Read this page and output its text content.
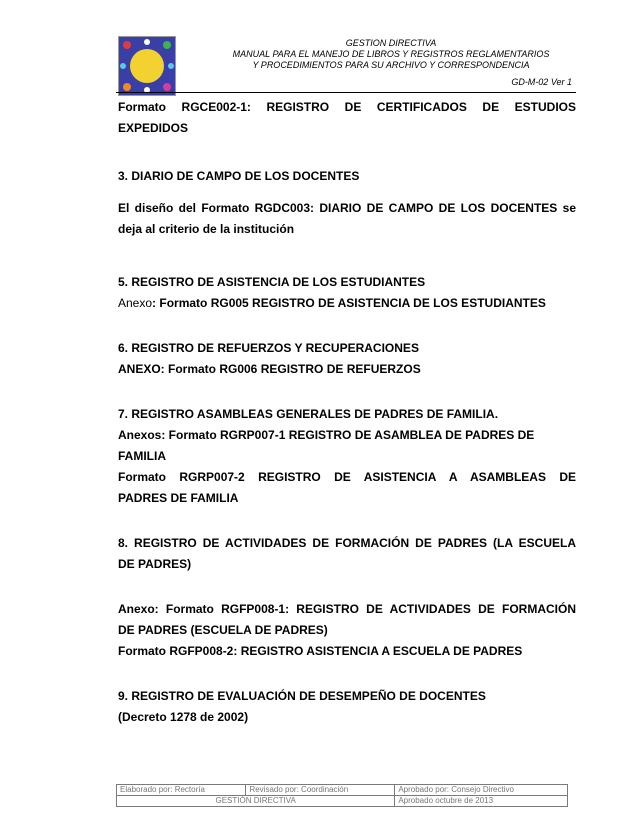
GESTION DIRECTIVA
MANUAL PARA EL MANEJO DE LIBROS Y REGISTROS REGLAMENTARIOS
Y PROCEDIMIENTOS PARA SU ARCHIVO Y CORRESPONDENCIA
GD-M-02 Ver 1

Formato RGCE002-1: REGISTRO DE CERTIFICADOS DE ESTUDIOS

EXPEDIDOS

3. DIARIO DE CAMPO DE LOS DOCENTES

El diseño del Formato RGDC003: DIARIO DE CAMPO DE LOS DOCENTES se

deja al criterio de la institución

5. REGISTRO DE ASISTENCIA DE LOS ESTUDIANTES

Anexo: Formato RG005 REGISTRO DE ASISTENCIA DE LOS ESTUDIANTES

6. REGISTRO DE REFUERZOS Y RECUPERACIONES

ANEXO: Formato RG006 REGISTRO DE REFUERZOS

7. REGISTRO ASAMBLEAS GENERALES DE PADRES DE FAMILIA.

Anexos: Formato RGRP007-1 REGISTRO DE ASAMBLEA DE PADRES DE

FAMILIA

Formato RGRP007-2 REGISTRO DE ASISTENCIA A ASAMBLEAS DE

PADRES DE FAMILIA

8. REGISTRO DE ACTIVIDADES DE FORMACIÓN DE PADRES (LA ESCUELA

DE PADRES)

Anexo: Formato RGFP008-1: REGISTRO DE ACTIVIDADES DE FORMACIÓN

DE PADRES (ESCUELA DE PADRES)

Formato RGFP008-2: REGISTRO ASISTENCIA A ESCUELA DE PADRES

9. REGISTRO DE EVALUACIÓN DE DESEMPEÑO DE DOCENTES

(Decreto 1278 de 2002)

Elaborado por: Rectoría	Revisado por: Coordinación	Aprobado por: Consejo Directivo
GESTIÓN DIRECTIVA		Aprobado octubre de 2013
